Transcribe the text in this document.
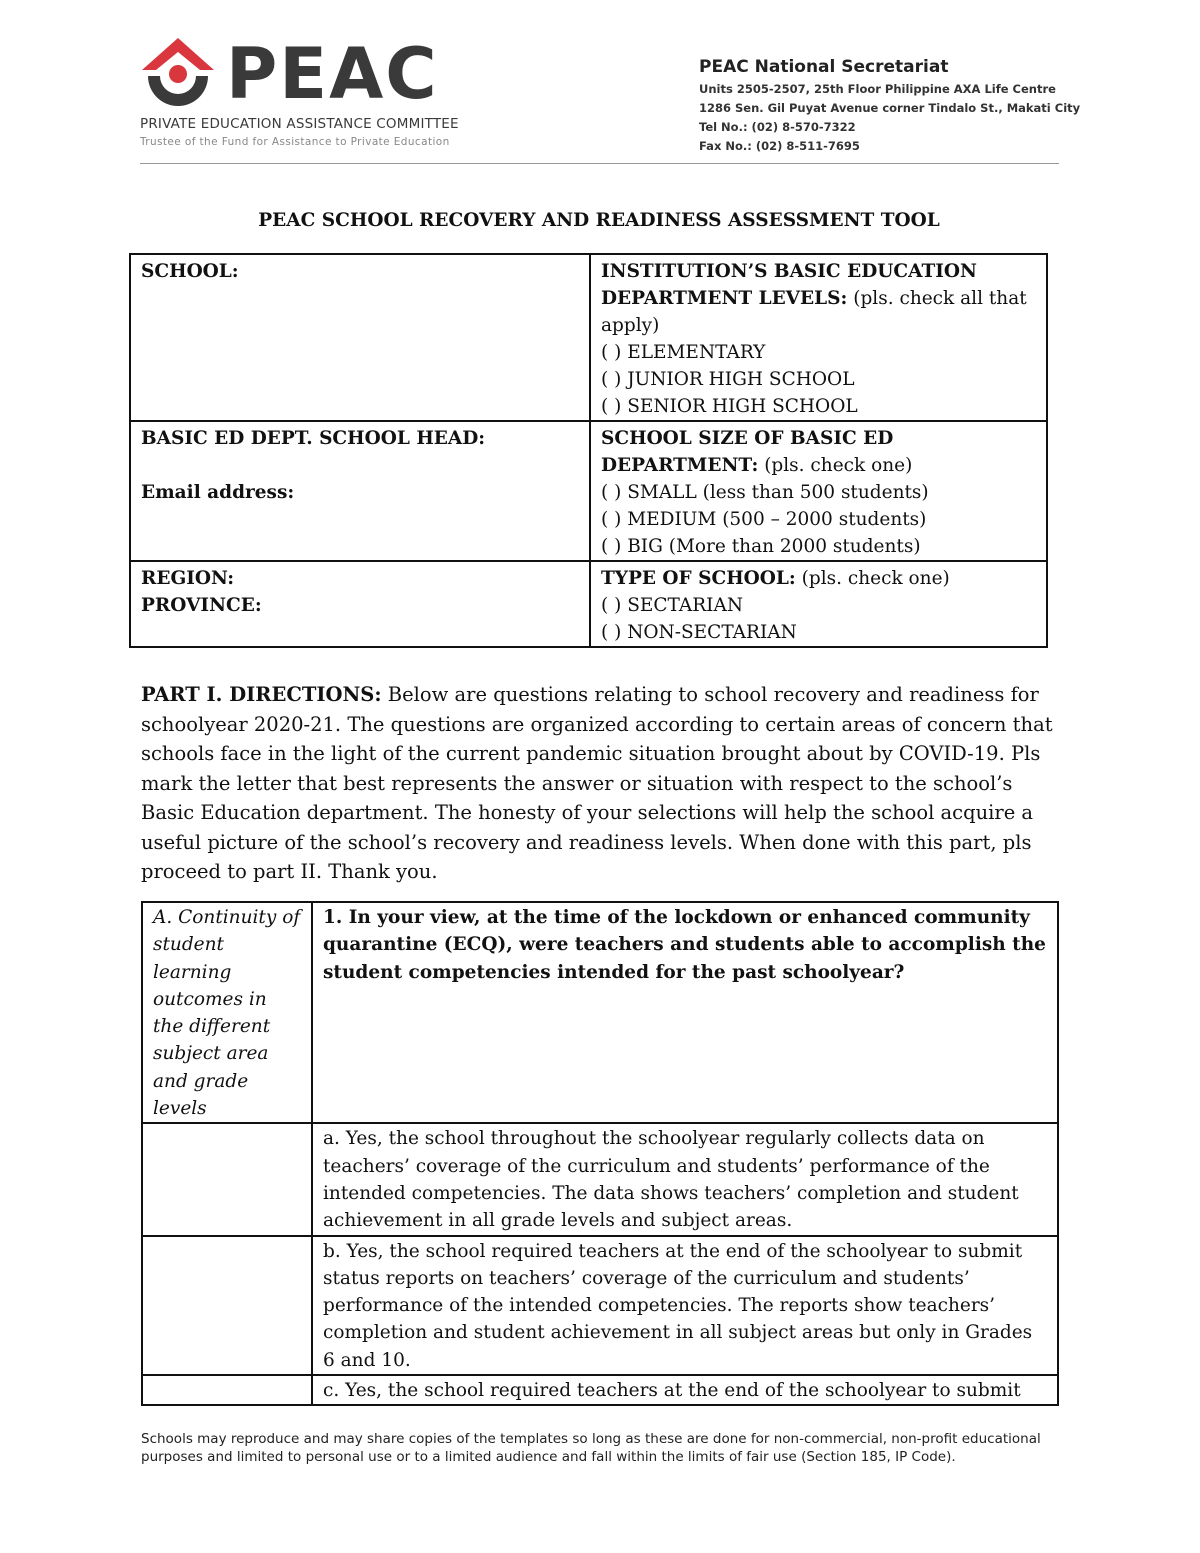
PEAC
PRIVATE EDUCATION ASSISTANCE COMMITTEE
Trustee of the Fund for Assistance to Private Education
PEAC National Secretariat
Units 2505-2507, 25th Floor Philippine AXA Life Centre
1286 Sen. Gil Puyat Avenue corner Tindalo St., Makati City
Tel No.: (02) 8-570-7322
Fax No.: (02) 8-511-7695
PEAC SCHOOL RECOVERY AND READINESS ASSESSMENT TOOL
SCHOOL:	INSTITUTION’S BASIC EDUCATION DEPARTMENT LEVELS: (pls. check all that apply)
( ) ELEMENTARY
( ) JUNIOR HIGH SCHOOL
( ) SENIOR HIGH SCHOOL

BASIC ED DEPT. SCHOOL HEAD:

Email address:	SCHOOL SIZE OF BASIC ED DEPARTMENT: (pls. check one)
( ) SMALL (less than 500 students)
( ) MEDIUM (500 – 2000 students)
( ) BIG (More than 2000 students)

REGION:
PROVINCE:	TYPE OF SCHOOL: (pls. check one)
( ) SECTARIAN
( ) NON-SECTARIAN
PART I. DIRECTIONS: Below are questions relating to school recovery and readiness for schoolyear 2020-21. The questions are organized according to certain areas of concern that schools face in the light of the current pandemic situation brought about by COVID-19. Pls mark the letter that best represents the answer or situation with respect to the school’s Basic Education department. The honesty of your selections will help the school acquire a useful picture of the school’s recovery and readiness levels. When done with this part, pls proceed to part II. Thank you.
A. Continuity of student learning outcomes in the different subject area and grade levels	1. In your view, at the time of the lockdown or enhanced community quarantine (ECQ), were teachers and students able to accomplish the student competencies intended for the past schoolyear?
	a. Yes, the school throughout the schoolyear regularly collects data on teachers’ coverage of the curriculum and students’ performance of the intended competencies. The data shows teachers’ completion and student achievement in all grade levels and subject areas.
	b. Yes, the school required teachers at the end of the schoolyear to submit status reports on teachers’ coverage of the curriculum and students’ performance of the intended competencies. The reports show teachers’ completion and student achievement in all subject areas but only in Grades 6 and 10.
	c. Yes, the school required teachers at the end of the schoolyear to submit
Schools may reproduce and may share copies of the templates so long as these are done for non-commercial, non-profit educational purposes and limited to personal use or to a limited audience and fall within the limits of fair use (Section 185, IP Code).
